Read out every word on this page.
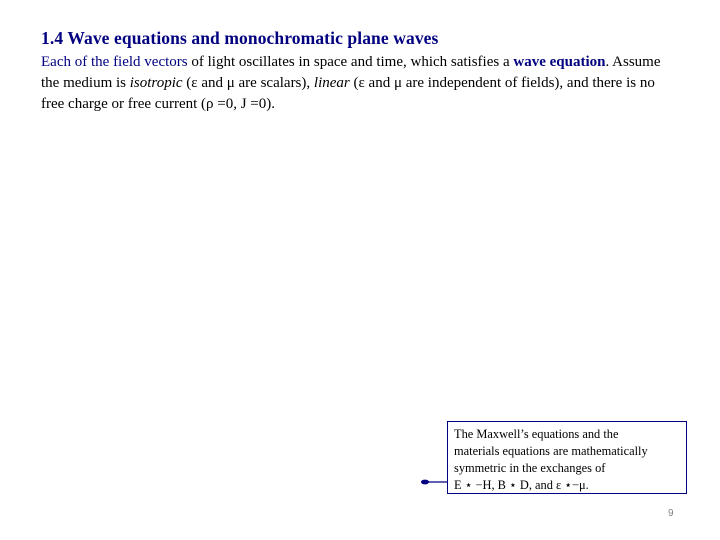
1.4 Wave equations and monochromatic plane waves
Each of the field vectors of light oscillates in space and time, which satisfies a wave equation. Assume the medium is isotropic (ε and μ are scalars), linear (ε and μ are independent of fields), and there is no free charge or free current (ρ =0, J =0).
The Maxwell’s equations and the
materials equations are mathematically
symmetric in the exchanges of
E ⋆ −H, B ⋆ D, and ε ⋆−μ.
9
